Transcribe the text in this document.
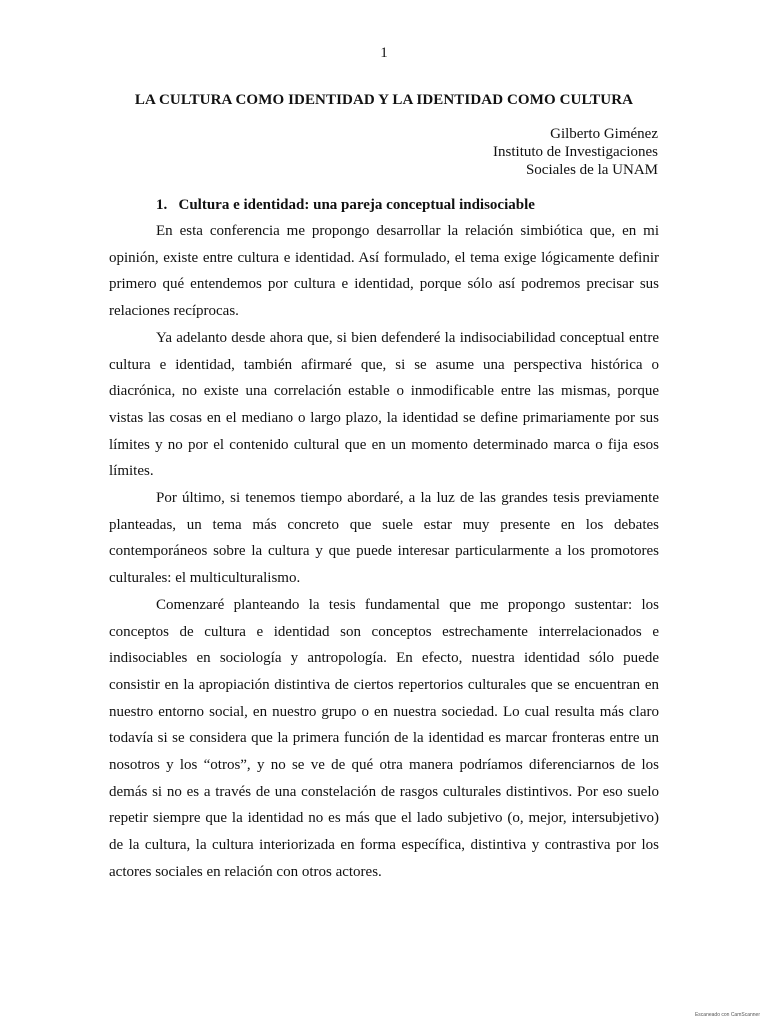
1
LA CULTURA COMO IDENTIDAD Y LA IDENTIDAD COMO CULTURA
Gilberto Giménez
Instituto de Investigaciones
Sociales de la UNAM
1.  Cultura e identidad: una pareja conceptual indisociable

En esta conferencia me propongo desarrollar la relación simbiótica que, en mi opinión, existe entre cultura e identidad. Así formulado, el tema exige lógicamente definir primero qué entendemos por cultura e identidad, porque sólo así podremos precisar sus relaciones recíprocas.

Ya adelanto desde ahora que, si bien defenderé la indisociabilidad conceptual entre cultura e identidad, también afirmaré que, si se asume una perspectiva histórica o diacrónica, no existe una correlación estable o inmodificable entre las mismas, porque vistas las cosas en el mediano o largo plazo, la identidad se define primariamente por sus límites y no por el contenido cultural que en un momento determinado marca o fija esos límites.

Por último, si tenemos tiempo abordaré, a la luz de las grandes tesis previamente planteadas, un tema más concreto que suele estar muy presente en los debates contemporáneos sobre la cultura y que puede interesar particularmente a los promotores culturales: el multiculturalismo.

Comenzaré planteando la tesis fundamental que me propongo sustentar: los conceptos de cultura e identidad son conceptos estrechamente interrelacionados e indisociables en sociología y antropología. En efecto, nuestra identidad sólo puede consistir en la apropiación distintiva de ciertos repertorios culturales que se encuentran en nuestro entorno social, en nuestro grupo o en nuestra sociedad. Lo cual resulta más claro todavía si se considera que la primera función de la identidad es marcar fronteras entre un nosotros y los “otros”, y no se ve de qué otra manera podríamos diferenciarnos de los demás si no es a través de una constelación de rasgos culturales distintivos. Por eso suelo repetir siempre que la identidad no es más que el lado subjetivo (o, mejor, intersubjetivo) de la cultura, la cultura interiorizada en forma específica, distintiva y contrastiva por los actores sociales en relación con otros actores.

Escaneado con CamScanner
